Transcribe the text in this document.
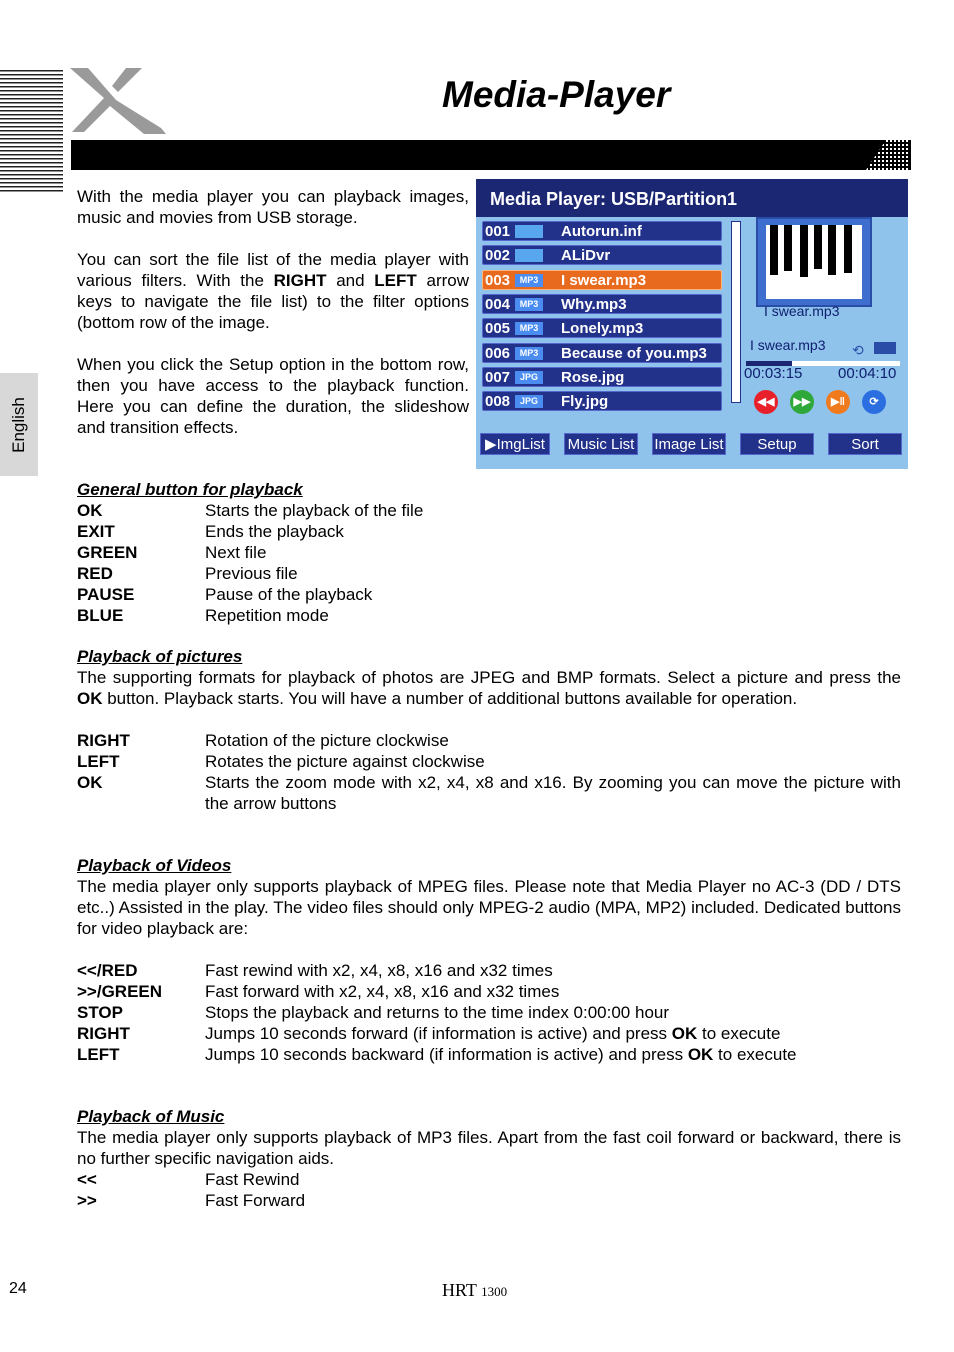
Media-Player
English

With the media player you can playback images, music and movies from USB storage.

You can sort the file list of the media player with various filters. With the RIGHT and LEFT arrow keys to navigate the file list) to the filter options (bottom row of the image.

When you click the Setup option in the bottom row, then you have access to the playback function. Here you can define the duration, the slideshow and transition effects.

Media Player: USB/Partition1
001	Autorun.inf
002	ALiDvr
003	MP3	I swear.mp3
004	MP3	Why.mp3
005	MP3	Lonely.mp3
006	MP3	Because of you.mp3
007	JPG	Rose.jpg
008	JPG	Fly.jpg
I swear.mp3
I swear.mp3 ⟲
00:03:15 00:04:10
◀◀	▶▶	▶‖	⟳
▶ImgList	Music List Image List	Setup	Sort
General button for playback
OK	Starts the playback of the file
EXIT	Ends the playback
GREEN	Next file
RED	Previous file
PAUSE	Pause of the playback
BLUE	Repetition mode
Playback of pictures

The supporting formats for playback of photos are JPEG and BMP formats. Select a picture and press the OK button. Playback starts. You will have a number of additional buttons available for operation.

RIGHT	Rotation of the picture clockwise
LEFT	Rotates the picture against clockwise
OK	Starts the zoom mode with x2, x4, x8 and x16. By zooming you can move the picture with the arrow buttons
Playback of Videos

The media player only supports playback of MPEG files. Please note that Media Player no AC-3 (DD / DTS etc..) Assisted in the play. The video files should only MPEG-2 audio (MPA, MP2) included. Dedicated buttons for video playback are:

<</RED	Fast rewind with x2, x4, x8, x16 and x32 times
>>/GREEN	Fast forward with x2, x4, x8, x16 and x32 times
STOP	Stops the playback and returns to the time index 0:00:00 hour
RIGHT	Jumps 10 seconds forward (if information is active) and press OK to execute
LEFT	Jumps 10 seconds backward (if information is active) and press OK to execute
Playback of Music

The media player only supports playback of MP3 files. Apart from the fast coil forward or backward, there is no further specific navigation aids.

<<	Fast Rewind
>>	Fast Forward
24	HRT 1300
